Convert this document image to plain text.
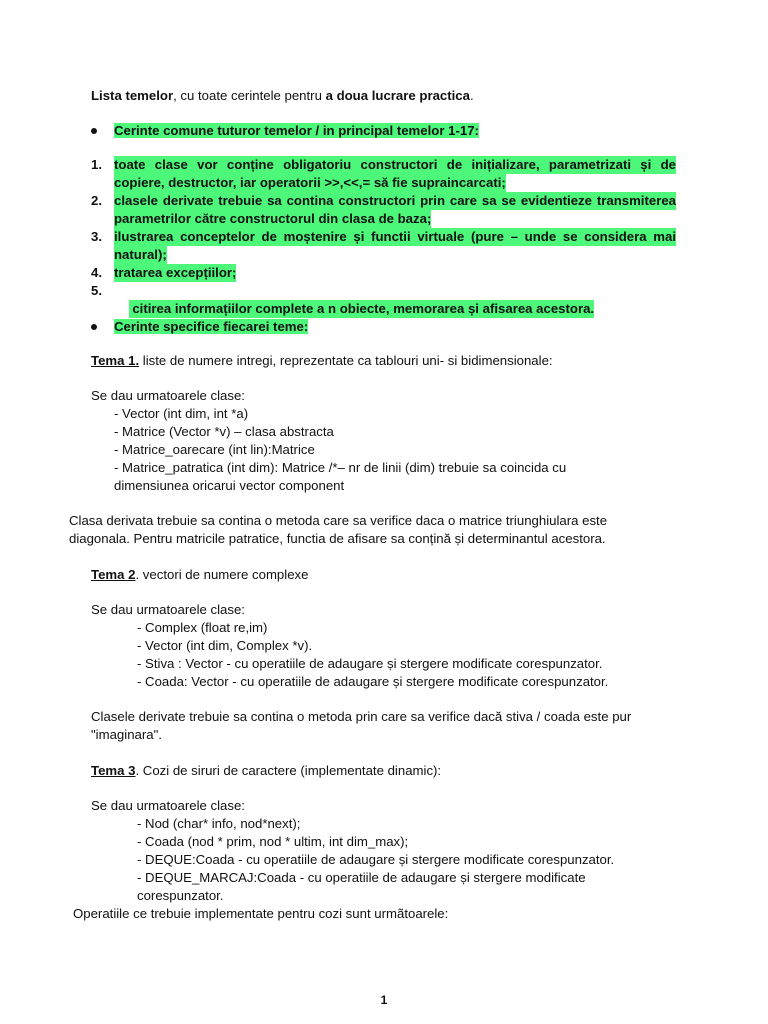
Lista temelor, cu toate cerintele pentru a doua lucrare practica.
Cerinte comune tuturor temelor / in principal temelor 1-17:
1. toate clase vor conține obligatoriu constructori de inițializare, parametrizati și de
copiere, destructor, iar operatorii >>,<<,= să fie supraincarcati;
2. clasele derivate trebuie sa contina constructori prin care sa se evidentieze transmiterea
parametrilor către constructorul din clasa de baza;
3. ilustrarea conceptelor de moștenire și functii virtuale (pure – unde se considera mai
natural);
4. tratarea excepțiilor;
5.

citirea informațiilor complete a n obiecte, memorarea și afisarea acestora.

Cerinte specifice fiecarei teme:
Tema 1. liste de numere intregi, reprezentate ca tablouri uni- si bidimensionale:
Se dau urmatoarele clase:
- Vector (int dim, int *a)
- Matrice (Vector *v) – clasa abstracta
- Matrice_oarecare (int lin):Matrice
- Matrice_patratica (int dim): Matrice /*– nr de linii (dim) trebuie sa coincida cu
dimensiunea oricarui vector component
Clasa derivata trebuie sa contina o metoda care sa verifice daca o matrice triunghiulara este
diagonala. Pentru matricile patratice, functia de afisare sa conțină și determinantul acestora.
Tema 2. vectori de numere complexe
Se dau urmatoarele clase:
- Complex (float re,im)
- Vector (int dim, Complex *v).
- Stiva : Vector - cu operatiile de adaugare și stergere modificate corespunzator.
- Coada: Vector - cu operatiile de adaugare și stergere modificate corespunzator.
Clasele derivate trebuie sa contina o metoda prin care sa verifice dacă stiva / coada este pur
"imaginara".
Tema 3. Cozi de siruri de caractere (implementate dinamic):
Se dau urmatoarele clase:
- Nod (char* info, nod*next);
- Coada (nod * prim, nod * ultim, int dim_max);
- DEQUE:Coada - cu operatiile de adaugare și stergere modificate corespunzator.
- DEQUE_MARCAJ:Coada - cu operatiile de adaugare și stergere modificate
corespunzator.
Operatiile ce trebuie implementate pentru cozi sunt urmãtoarele:
1
